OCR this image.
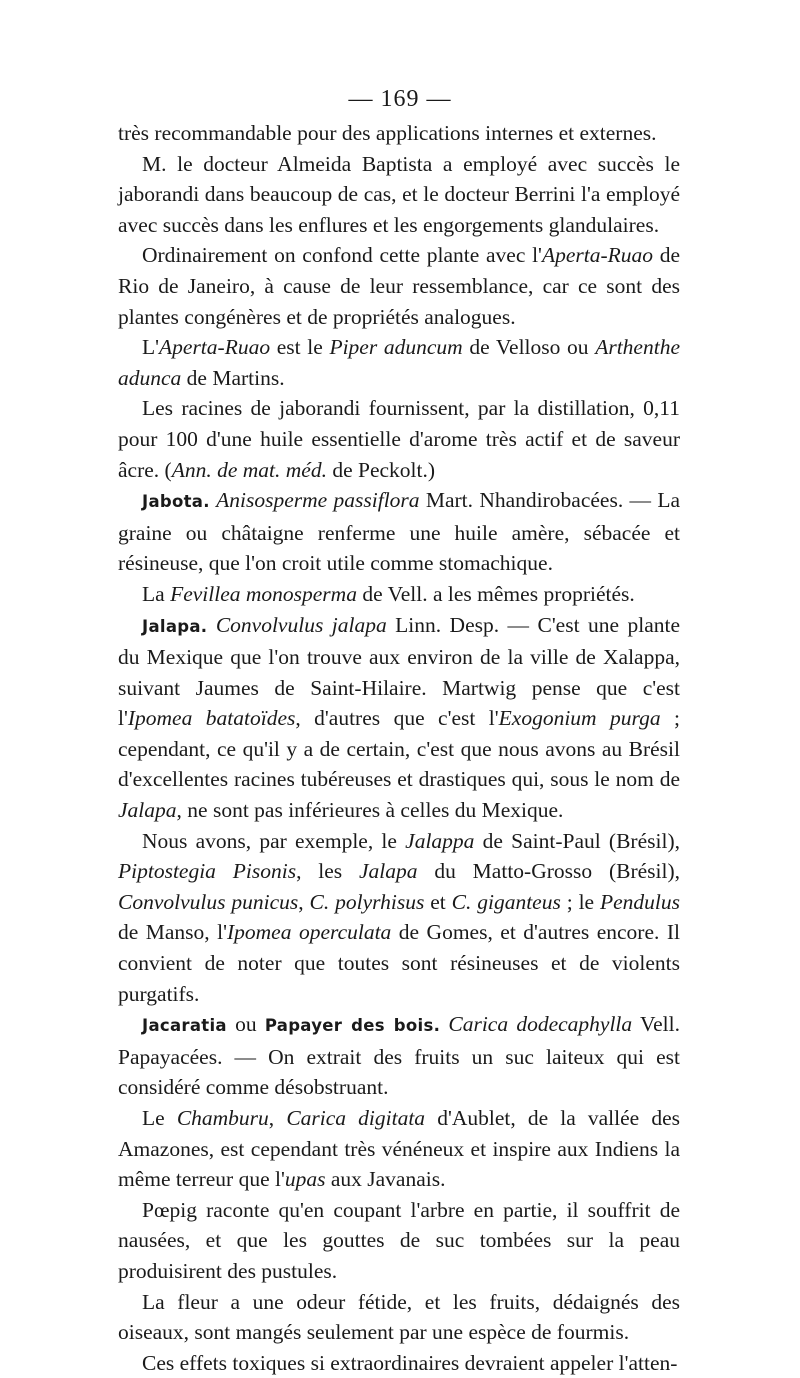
— 169 —

très recommandable pour des applications internes et externes.

M. le docteur Almeida Baptista a employé avec succès le jaborandi dans beaucoup de cas, et le docteur Berrini l'a employé avec succès dans les enflures et les engorgements glandulaires.

Ordinairement on confond cette plante avec l'Aperta-Ruao de Rio de Janeiro, à cause de leur ressemblance, car ce sont des plantes congénères et de propriétés analogues.

L'Aperta-Ruao est le Piper aduncum de Velloso ou Arthenthe adunca de Martins.

Les racines de jaborandi fournissent, par la distillation, 0,11 pour 100 d'une huile essentielle d'arome très actif et de saveur âcre. (Ann. de mat. méd. de Peckolt.)

Jabota. Anisosperme passiflora Mart. Nhandirobacées. — La graine ou châtaigne renferme une huile amère, sébacée et résineuse, que l'on croit utile comme stomachique.

La Fevillea monosperma de Vell. a les mêmes propriétés.

Jalapa. Convolvulus jalapa Linn. Desp. — C'est une plante du Mexique que l'on trouve aux environ de la ville de Xalappa, suivant Jaumes de Saint-Hilaire. Martwig pense que c'est l'Ipomea batatoïdes, d'autres que c'est l'Exogonium purga ; cependant, ce qu'il y a de certain, c'est que nous avons au Brésil d'excellentes racines tubéreuses et drastiques qui, sous le nom de Jalapa, ne sont pas inférieures à celles du Mexique.

Nous avons, par exemple, le Jalappa de Saint-Paul (Brésil), Piptostegia Pisonis, les Jalapa du Matto-Grosso (Brésil), Convolvulus punicus, C. polyrhisus et C. giganteus ; le Pendulus de Manso, l'Ipomea operculata de Gomes, et d'autres encore. Il convient de noter que toutes sont résineuses et de violents purgatifs.

Jacaratia ou Papayer des bois. Carica dodecaphylla Vell. Papayacées. — On extrait des fruits un suc laiteux qui est considéré comme désobstruant.

Le Chamburu, Carica digitata d'Aublet, de la vallée des Amazones, est cependant très vénéneux et inspire aux Indiens la même terreur que l'upas aux Javanais.

Pœpig raconte qu'en coupant l'arbre en partie, il souffrit de nausées, et que les gouttes de suc tombées sur la peau produisirent des pustules.

La fleur a une odeur fétide, et les fruits, dédaignés des oiseaux, sont mangés seulement par une espèce de fourmis.

Ces effets toxiques si extraordinaires devraient appeler l'atten-
